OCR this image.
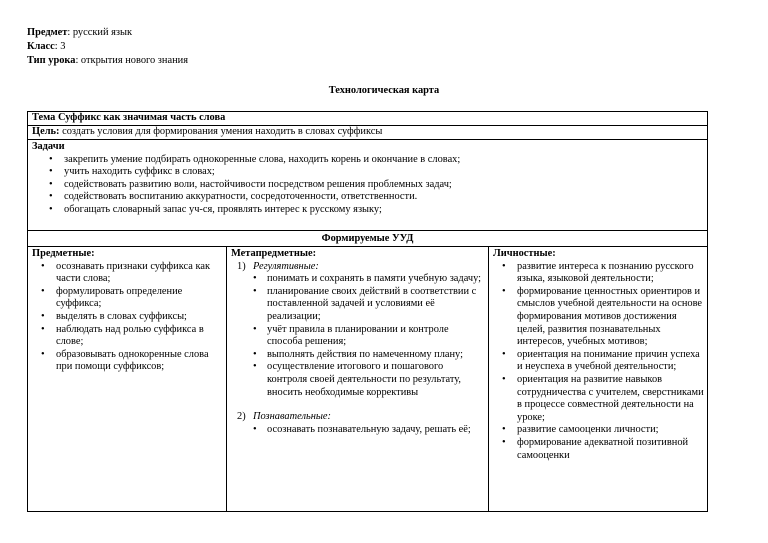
Предмет: русский язык
Класс: 3
Тип урока: открытия нового знания
Технологическая карта
Тема Суффикс как значимая часть слова
Цель: создать условия для формирования умения находить в словах суффиксы
Задачи
• закрепить умение подбирать однокоренные слова, находить корень и окончание в словах;
• учить находить суффикс в словах;
• содействовать развитию воли, настойчивости посредством решения проблемных задач;
• содействовать воспитанию аккуратности, сосредоточенности, ответственности.
• обогащать словарный запас уч-ся, проявлять интерес к русскому языку;
Формируемые УУД
Предметные:
• осознавать признаки суффикса как части слова;
• формулировать определение суффикса;
• выделять в словах суффиксы;
• наблюдать над ролью суффикса в слове;
• образовывать однокоренные слова при помощи суффиксов;
Метапредметные:
1) Регулятивные:
• понимать и сохранять в памяти учебную задачу;
• планирование своих действий в соответствии с поставленной задачей и условиями её реализации;
• учёт правила в планировании и контроле способа решения;
• выполнять действия по намеченному плану;
• осуществление итогового и пошагового контроля своей деятельности по результату, вносить необходимые коррективы
2) Познавательные:
• осознавать познавательную задачу, решать её;
Личностные:
• развитие интереса к познанию русского языка, языковой деятельности;
• формирование ценностных ориентиров и смыслов учебной деятельности на основе формирования мотивов достижения целей, развития познавательных интересов, учебных мотивов;
• ориентация на понимание причин успеха и неуспеха в учебной деятельности;
• ориентация на развитие навыков сотрудничества с учителем, сверстниками в процессе совместной деятельности на уроке;
• развитие самооценки личности;
• формирование адекватной позитивной самооценки
